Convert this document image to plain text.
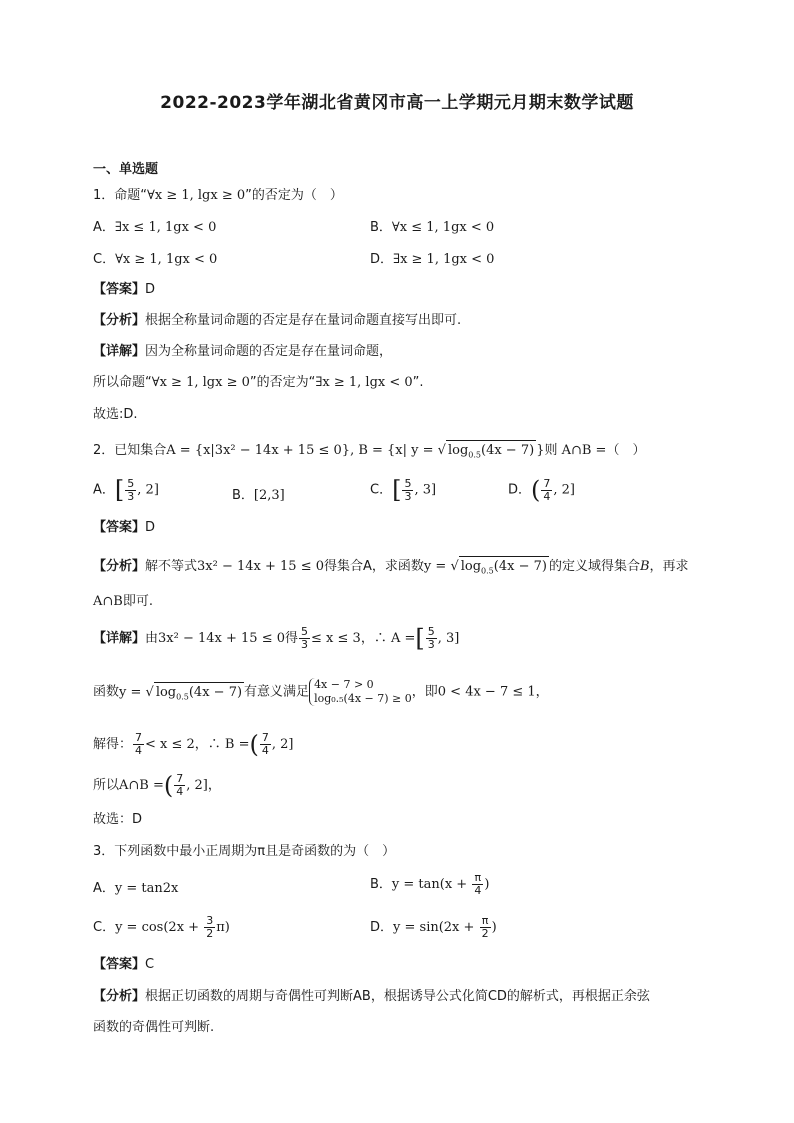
2022-2023学年湖北省黄冈市高一上学期元月期末数学试题
一、单选题
1．命题“∀x ≥ 1, lgx ≥ 0”的否定为（　）
A．∃x ≤ 1, 1gx < 0	B．∀x ≤ 1, 1gx < 0
C．∀x ≥ 1, 1gx < 0	D．∃x ≥ 1, 1gx < 0
【答案】D
【分析】根据全称量词命题的否定是存在量词命题直接写出即可.
【详解】因为全称量词命题的否定是存在量词命题，
所以命题“∀x ≥ 1, lgx ≥ 0”的否定为“∃x ≥ 1, lgx < 0”.
故选:D.
2．已知集合A = {x|3x² − 14x + 15 ≤ 0}, B = {x| y = √ $\log_{0.5}(4x - 7)$ }则 A∩B =（　）
A．[ $\frac{5}{3}$ , 2]	B．[2,3]	C．[ $\frac{5}{3}$ , 3]	D．( $\frac{7}{4}$ , 2]
【答案】D
【分析】解不等式3x² − 14x + 15 ≤ 0得集合A，求函数y = √ $\log_{0.5}(4x - 7)$ 的定义域得集合B，再求
A∩B即可.
【详解】由3x² − 14x + 15 ≤ 0得 $\frac{5}{3} \le x \le 3$，∴ A =[ $\frac{5}{3}$ , 3]
函数y = √ $\log_{0.5}(4x - 7)$ 有意义满足 4x − 7 > 0
log₀.₅(4x − 7) ≥ 0 ，即0 < 4x − 7 ≤ 1，
解得： $\frac{7}{4} < x \le 2$，∴ B =( $\frac{7}{4}$ , 2]
所以A∩B =( $\frac{7}{4}$ , 2]，
故选：D
3．下列函数中最小正周期为π且是奇函数的为（　）
A．y = tan2x	B．$y = \tan(x + \frac{\pi}{4}$ )
C．$y = \cos(2x + \frac{3}{2} \pi)$	D．$y = \sin(2x + \frac{\pi}{2}$ )
【答案】C
【分析】根据正切函数的周期与奇偶性可判断AB，根据诱导公式化简CD的解析式，再根据正余弦
函数的奇偶性可判断.
